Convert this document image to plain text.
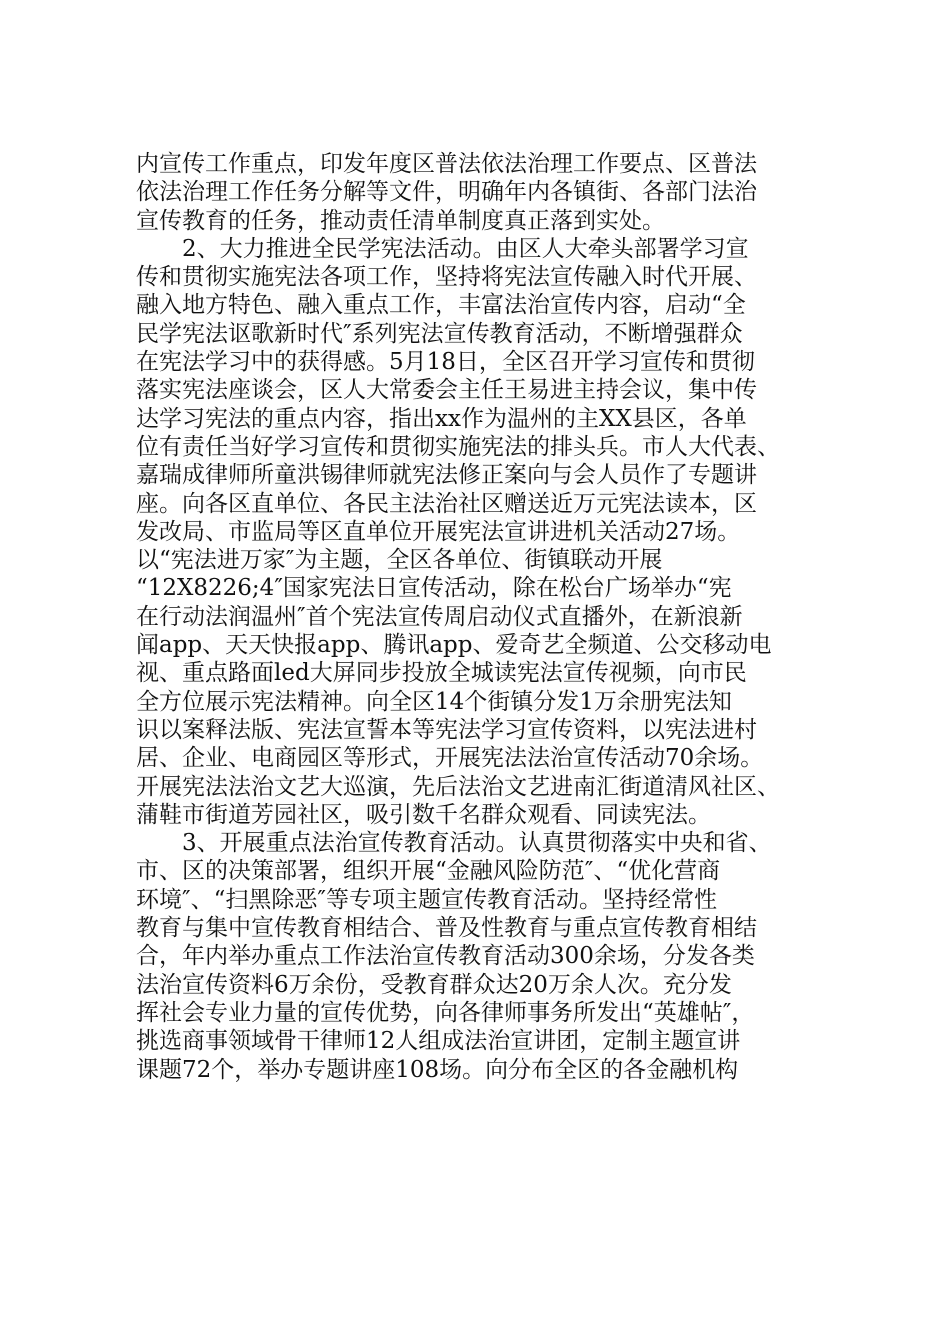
内宣传工作重点，印发年度区普法依法治理工作要点、区普法
依法治理工作任务分解等文件，明确年内各镇街、各部门法治
宣传教育的任务，推动责任清单制度真正落到实处。
2、大力推进全民学宪法活动。由区人大牵头部署学习宣
传和贯彻实施宪法各项工作，坚持将宪法宣传融入时代开展、
融入地方特色、融入重点工作，丰富法治宣传内容，启动“全
民学宪法讴歌新时代″系列宪法宣传教育活动，不断增强群众
在宪法学习中的获得感。5月18日，全区召开学习宣传和贯彻
落实宪法座谈会，区人大常委会主任王易进主持会议，集中传
达学习宪法的重点内容，指出xx作为温州的主XX县区，各单
位有责任当好学习宣传和贯彻实施宪法的排头兵。市人大代表、
嘉瑞成律师所童洪锡律师就宪法修正案向与会人员作了专题讲
座。向各区直单位、各民主法治社区赠送近万元宪法读本，区
发改局、市监局等区直单位开展宪法宣讲进机关活动27场。
以“宪法进万家″为主题，全区各单位、街镇联动开展
“12X8226;4″国家宪法日宣传活动，除在松台广场举办“宪
在行动法润温州″首个宪法宣传周启动仪式直播外，在新浪新
闻app、天天快报app、腾讯app、爱奇艺全频道、公交移动电
视、重点路面led大屏同步投放全城读宪法宣传视频，向市民
全方位展示宪法精神。向全区14个街镇分发1万余册宪法知
识以案释法版、宪法宣誓本等宪法学习宣传资料，以宪法进村
居、企业、电商园区等形式，开展宪法法治宣传活动70余场。
开展宪法法治文艺大巡演，先后法治文艺进南汇街道清风社区、
蒲鞋市街道芳园社区，吸引数千名群众观看、同读宪法。
3、开展重点法治宣传教育活动。认真贯彻落实中央和省、
市、区的决策部署，组织开展“金融风险防范″、“优化营商
环境″、“扫黑除恶″等专项主题宣传教育活动。坚持经常性
教育与集中宣传教育相结合、普及性教育与重点宣传教育相结
合，年内举办重点工作法治宣传教育活动300余场，分发各类
法治宣传资料6万余份，受教育群众达20万余人次。充分发
挥社会专业力量的宣传优势，向各律师事务所发出“英雄帖″，
挑选商事领域骨干律师12人组成法治宣讲团，定制主题宣讲
课题72个，举办专题讲座108场。向分布全区的各金融机构
